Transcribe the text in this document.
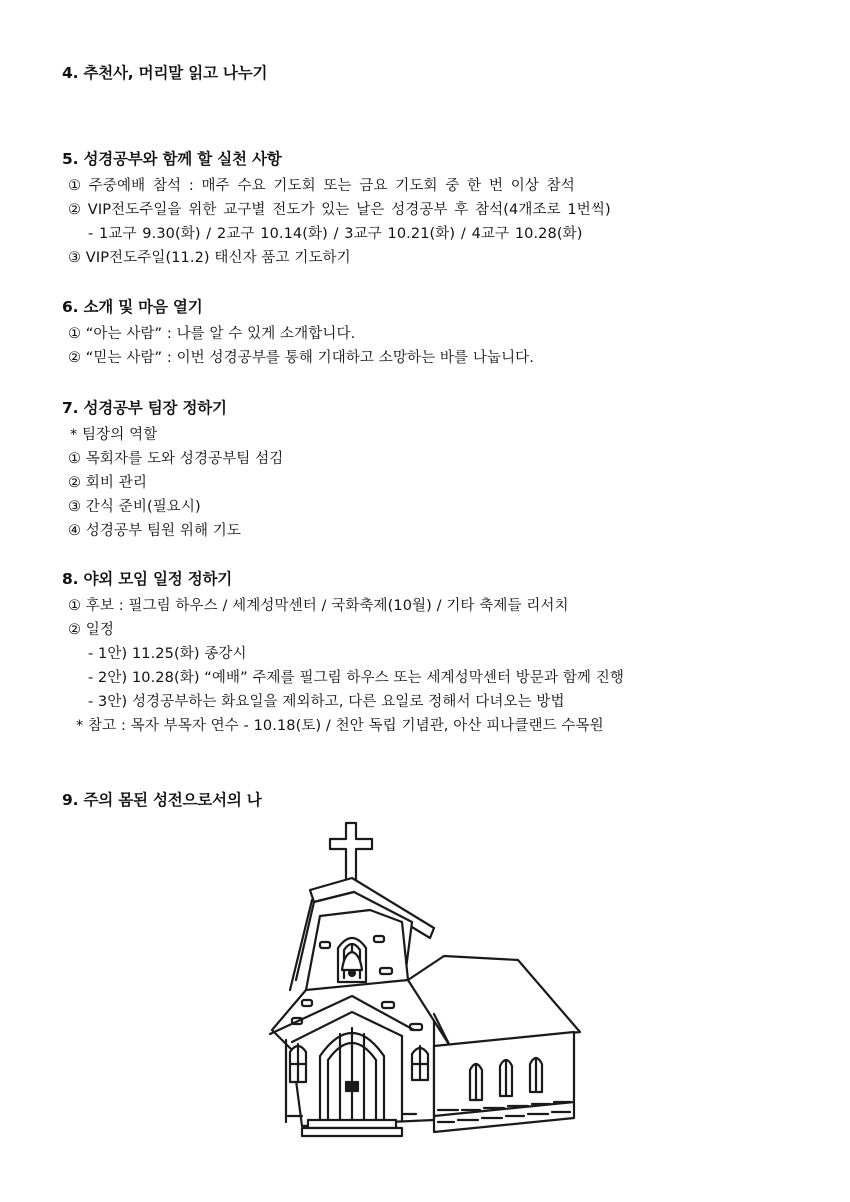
4. 추천사, 머리말 읽고 나누기
5. 성경공부와 함께 할 실천 사항
① 주중예배 참석 : 매주 수요 기도회 또는 금요 기도회 중 한 번 이상 참석
② VIP전도주일을 위한 교구별 전도가 있는 날은 성경공부 후 참석(4개조로 1번씩)
- 1교구 9.30(화) / 2교구 10.14(화) / 3교구 10.21(화) / 4교구 10.28(화)
③ VIP전도주일(11.2) 태신자 품고 기도하기
6. 소개 및 마음 열기
① “아는 사람” : 나를 알 수 있게 소개합니다.
② “믿는 사람” : 이번 성경공부를 통해 기대하고 소망하는 바를 나눕니다.
7. 성경공부 팀장 정하기
* 팀장의 역할
① 목회자를 도와 성경공부팀 섬김
② 회비 관리
③ 간식 준비(필요시)
④ 성경공부 팀원 위해 기도
8. 야외 모임 일정 정하기
① 후보 : 필그림 하우스 / 세계성막센터 / 국화축제(10월) / 기타 축제들 리서치
② 일정
- 1안) 11.25(화) 종강시
- 2안) 10.28(화) “예배” 주제를 필그림 하우스 또는 세계성막센터 방문과 함께 진행
- 3안) 성경공부하는 화요일을 제외하고, 다른 요일로 정해서 다녀오는 방법
* 참고 : 목자 부목자 연수 - 10.18(토) / 천안 독립 기념관, 아산 피나클랜드 수목원
9. 주의 몸된 성전으로서의 나
